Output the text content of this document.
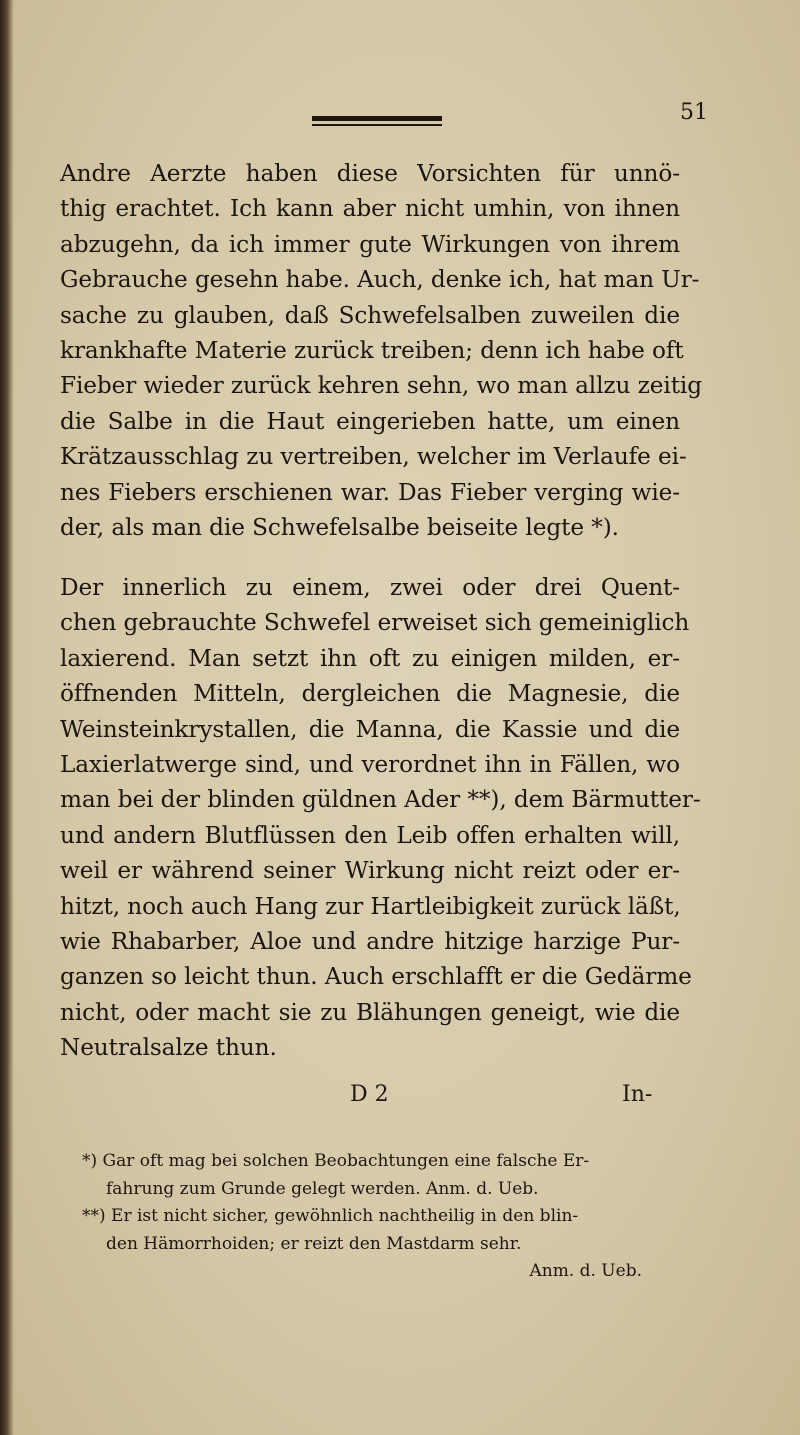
51
Andre Aerzte haben diese Vorsichten für unnö-
thig erachtet. Ich kann aber nicht umhin, von ihnen
abzugehn, da ich immer gute Wirkungen von ihrem
Gebrauche gesehn habe. Auch, denke ich, hat man Ur-
sache zu glauben, daß Schwefelsalben zuweilen die
krankhafte Materie zurück treiben; denn ich habe oft
Fieber wieder zurück kehren sehn, wo man allzu zeitig
die Salbe in die Haut eingerieben hatte, um einen
Krätzausschlag zu vertreiben, welcher im Verlaufe ei-
nes Fiebers erschienen war. Das Fieber verging wie-
der, als man die Schwefelsalbe beiseite legte *).
Der innerlich zu einem, zwei oder drei Quent-
chen gebrauchte Schwefel erweiset sich gemeiniglich
laxierend. Man setzt ihn oft zu einigen milden, er-
öffnenden Mitteln, dergleichen die Magnesie, die
Weinsteinkrystallen, die Manna, die Kassie und die
Laxierlatwerge sind, und verordnet ihn in Fällen, wo
man bei der blinden güldnen Ader **), dem Bärmutter-
und andern Blutflüssen den Leib offen erhalten will,
weil er während seiner Wirkung nicht reizt oder er-
hitzt, noch auch Hang zur Hartleibigkeit zurück läßt,
wie Rhabarber, Aloe und andre hitzige harzige Pur-
ganzen so leicht thun. Auch erschlafft er die Gedärme
nicht, oder macht sie zu Blähungen geneigt, wie die
Neutralsalze thun.
D 2	In-
*) Gar oft mag bei solchen Beobachtungen eine falsche Er-
fahrung zum Grunde gelegt werden. Anm. d. Ueb.
**) Er ist nicht sicher, gewöhnlich nachtheilig in den blin-
den Hämorrhoiden; er reizt den Mastdarm sehr.
Anm. d. Ueb.
